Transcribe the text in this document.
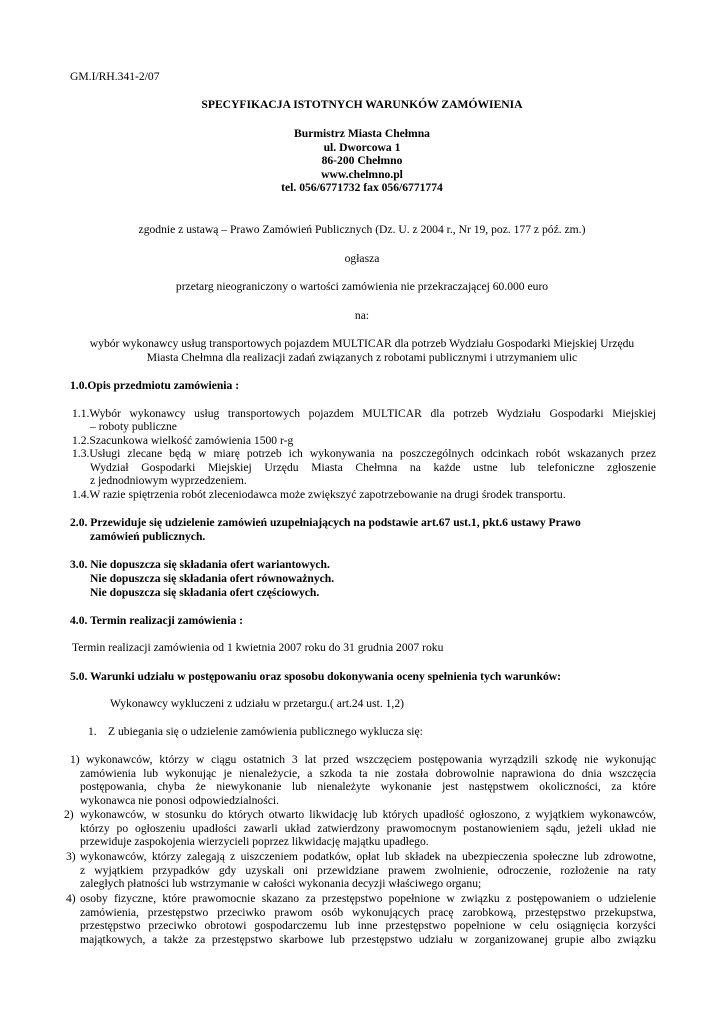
GM.I/RH.341-2/07
SPECYFIKACJA ISTOTNYCH WARUNKÓW ZAMÓWIENIA
Burmistrz Miasta Chełmna
ul. Dworcowa 1
86-200 Chełmno
www.chelmno.pl
tel. 056/6771732 fax 056/6771774
zgodnie z ustawą – Prawo Zamówień Publicznych (Dz. U. z 2004 r., Nr 19, poz. 177 z póź. zm.)
ogłasza
przetarg nieograniczony o wartości zamówienia nie przekraczającej 60.000 euro
na:
wybór wykonawcy usług transportowych pojazdem MULTICAR dla potrzeb Wydziału Gospodarki Miejskiej Urzędu
Miasta Chełmna dla realizacji zadań związanych z robotami publicznymi i utrzymaniem ulic
1.0.Opis przedmiotu zamówienia :
1.1.Wybór wykonawcy usług transportowych pojazdem MULTICAR dla potrzeb Wydziału Gospodarki Miejskiej
– roboty publiczne
1.2.Szacunkowa wielkość zamówienia 1500 r-g
1.3.Usługi zlecane będą w miarę potrzeb ich wykonywania na poszczególnych odcinkach robót wskazanych przez
Wydział Gospodarki Miejskiej Urzędu Miasta Chełmna na każde ustne lub telefoniczne zgłoszenie
z jednodniowym wyprzedzeniem.
1.4.W razie spiętrzenia robót zleceniodawca może zwiększyć zapotrzebowanie na drugi środek transportu.
2.0. Przewiduje się udzielenie zamówień uzupełniających na podstawie art.67 ust.1, pkt.6 ustawy Prawo
zamówień publicznych.
3.0. Nie dopuszcza się składania ofert wariantowych.
Nie dopuszcza się składania ofert równoważnych.
Nie dopuszcza się składania ofert częściowych.
4.0. Termin realizacji zamówienia :
Termin realizacji zamówienia od 1 kwietnia 2007 roku do 31 grudnia 2007 roku
5.0. Warunki udziału w postępowaniu oraz sposobu dokonywania oceny spełnienia tych warunków:
Wykonawcy wykluczeni z udziału w przetargu.( art.24 ust. 1,2)
1. Z ubiegania się o udzielenie zamówienia publicznego wyklucza się:
1) wykonawców, którzy w ciągu ostatnich 3 lat przed wszczęciem postępowania wyrządzili szkodę nie wykonując
zamówienia lub wykonując je nienależycie, a szkoda ta nie została dobrowolnie naprawiona do dnia wszczęcia
postępowania, chyba że niewykonanie lub nienależyte wykonanie jest następstwem okoliczności, za które
wykonawca nie ponosi odpowiedzialności.
2) wykonawców, w stosunku do których otwarto likwidację lub których upadłość ogłoszono, z wyjątkiem wykonawców,
którzy po ogłoszeniu upadłości zawarli układ zatwierdzony prawomocnym postanowieniem sądu, jeżeli układ nie
przewiduje zaspokojenia wierzycieli poprzez likwidację majątku upadłego.
3) wykonawców, którzy zalegają z uiszczeniem podatków, opłat lub składek na ubezpieczenia społeczne lub zdrowotne,
z wyjątkiem przypadków gdy uzyskali oni przewidziane prawem zwolnienie, odroczenie, rozłożenie na raty
zaległych płatności lub wstrzymanie w całości wykonania decyzji właściwego organu;
4) osoby fizyczne, które prawomocnie skazano za przestępstwo popełnione w związku z postępowaniem o udzielenie
zamówienia, przestępstwo przeciwko prawom osób wykonujących pracę zarobkową, przestępstwo przekupstwa,
przestępstwo przeciwko obrotowi gospodarczemu lub inne przestępstwo popełnione w celu osiągnięcia korzyści
majątkowych, a także za przestępstwo skarbowe lub przestępstwo udziału w zorganizowanej grupie albo związku
